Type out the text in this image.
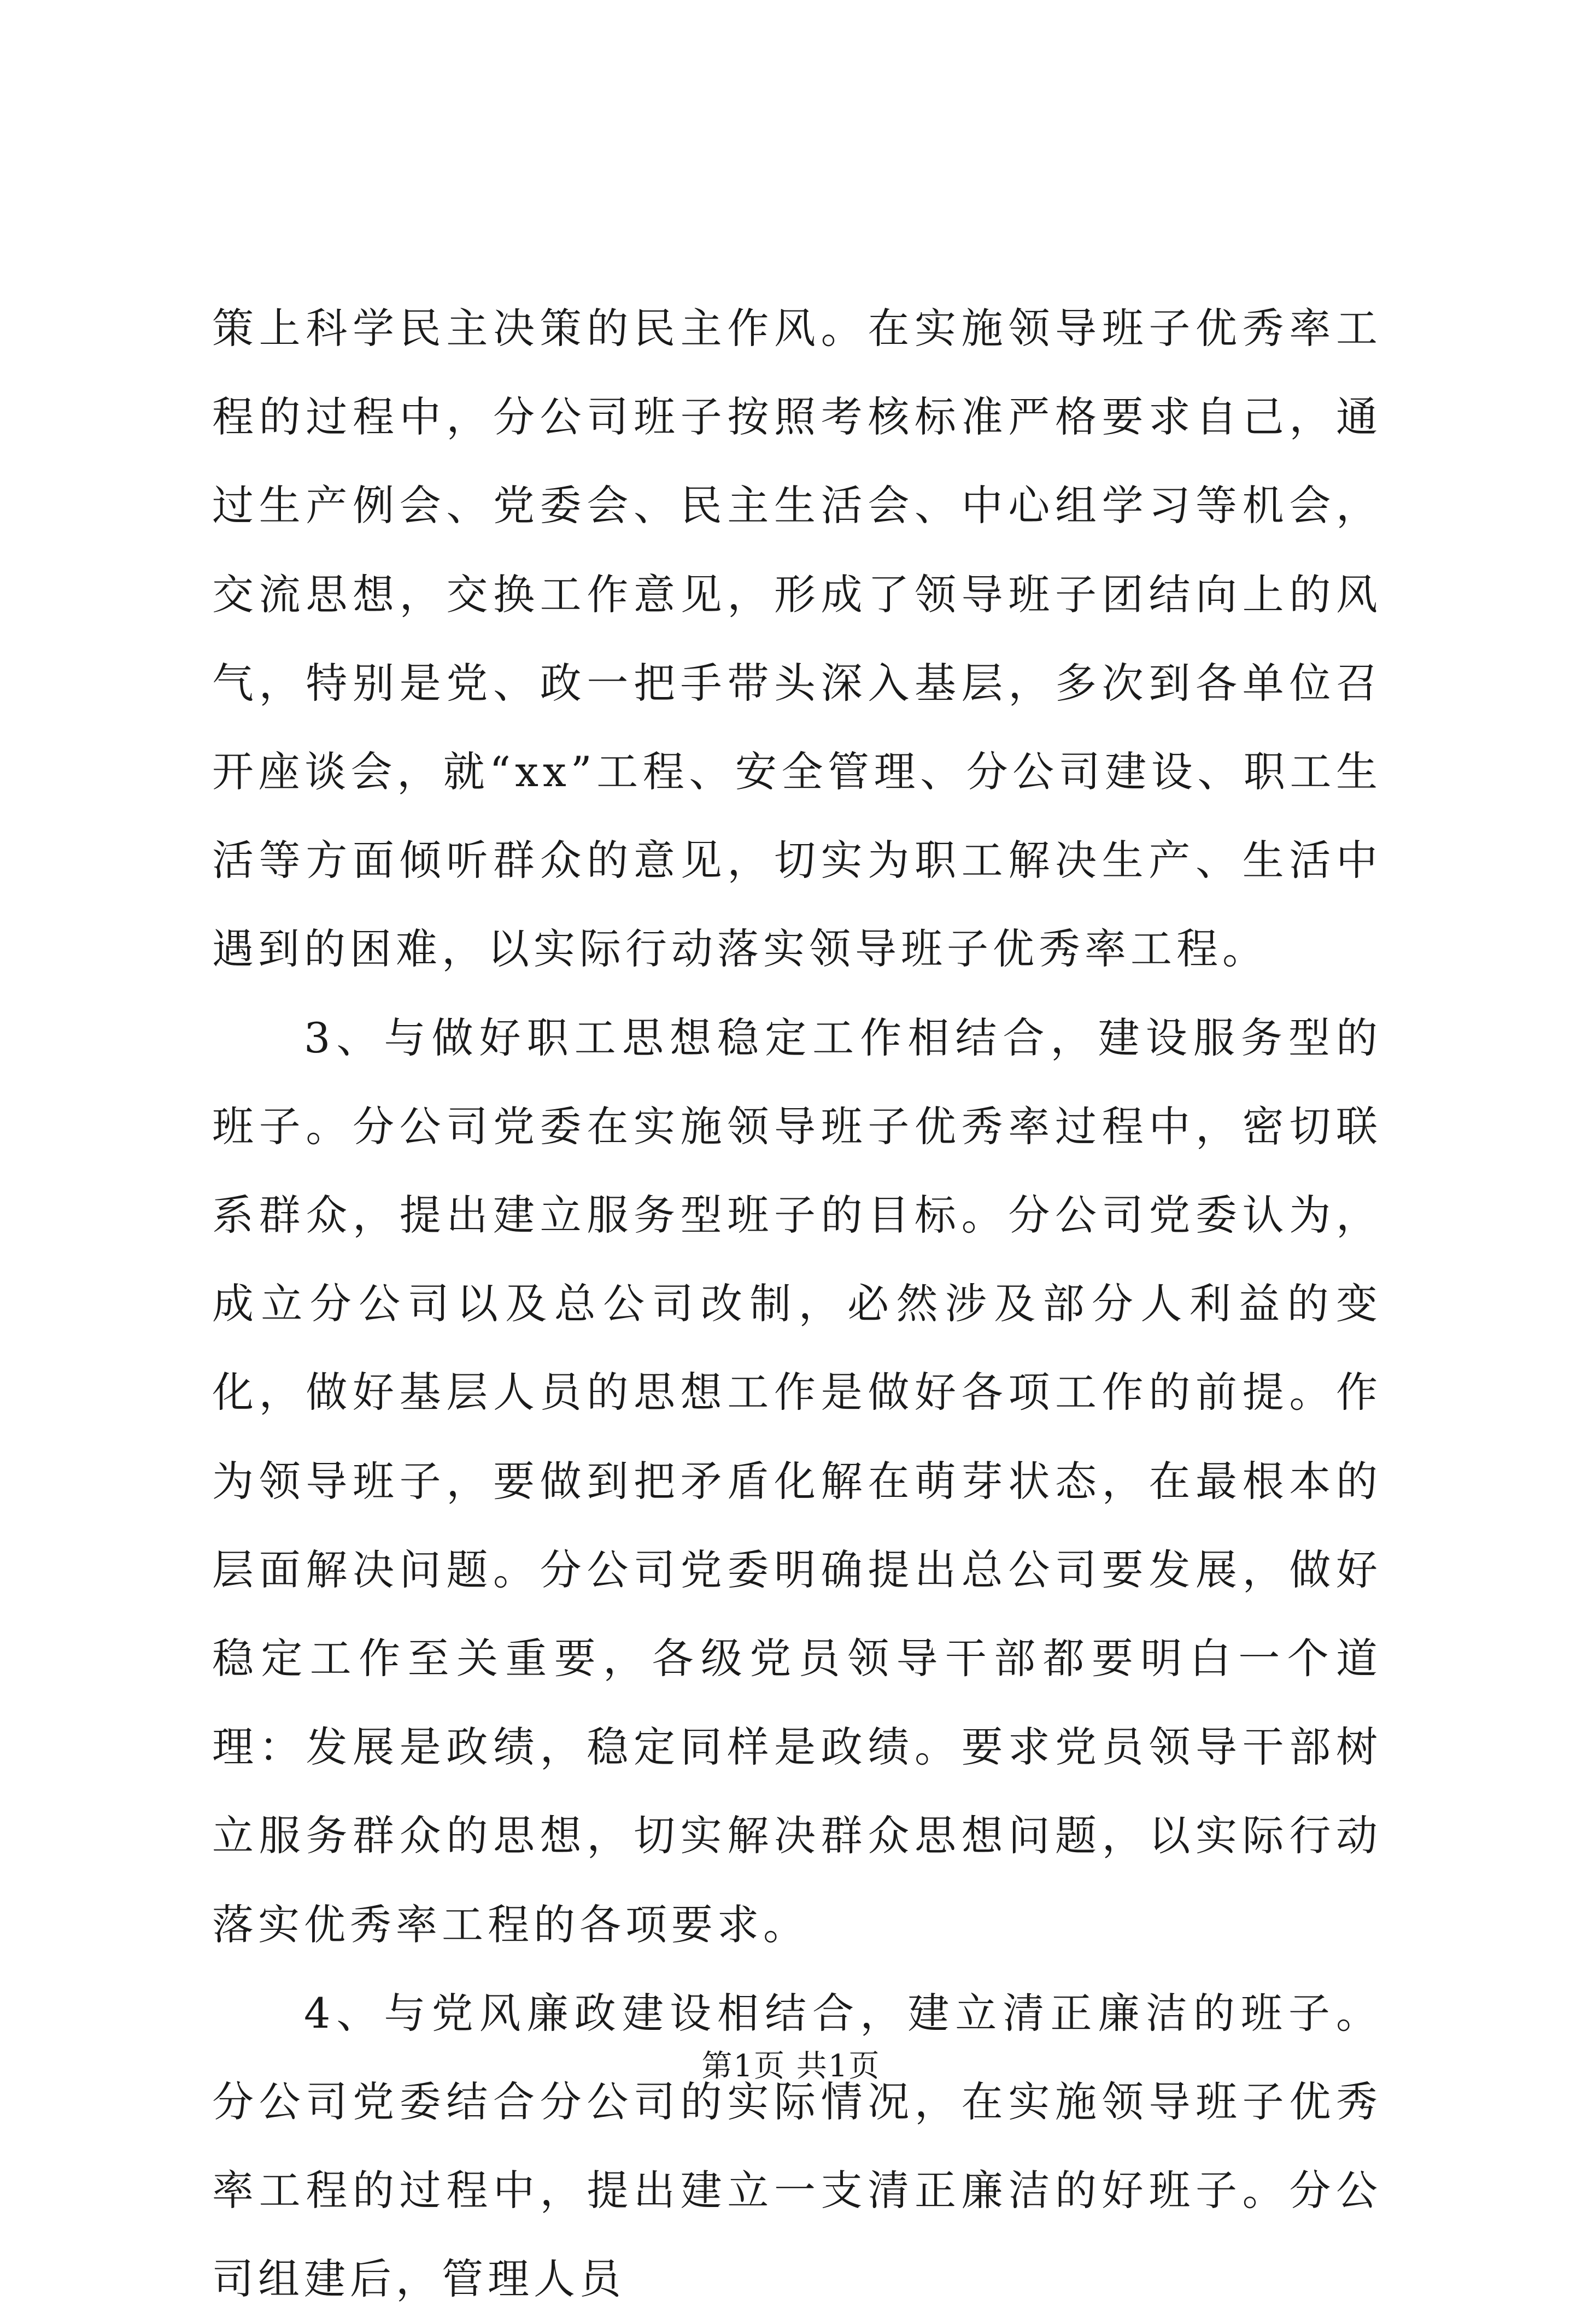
策上科学民主决策的民主作风。在实施领导班子优秀率工程的过程中，分公司班子按照考核标准严格要求自己，通过生产例会、党委会、民主生活会、中心组学习等机会，交流思想，交换工作意见，形成了领导班子团结向上的风气，特别是党、政一把手带头深入基层，多次到各单位召开座谈会，就“xx”工程、安全管理、分公司建设、职工生活等方面倾听群众的意见，切实为职工解决生产、生活中遇到的困难，以实际行动落实领导班子优秀率工程。

3、与做好职工思想稳定工作相结合，建设服务型的班子。分公司党委在实施领导班子优秀率过程中，密切联系群众，提出建立服务型班子的目标。分公司党委认为，成立分公司以及总公司改制，必然涉及部分人利益的变化，做好基层人员的思想工作是做好各项工作的前提。作为领导班子，要做到把矛盾化解在萌芽状态，在最根本的层面解决问题。分公司党委明确提出总公司要发展，做好稳定工作至关重要，各级党员领导干部都要明白一个道理：发展是政绩，稳定同样是政绩。要求党员领导干部树立服务群众的思想，切实解决群众思想问题，以实际行动落实优秀率工程的各项要求。

4、与党风廉政建设相结合，建立清正廉洁的班子。分公司党委结合分公司的实际情况，在实施领导班子优秀率工程的过程中，提出建立一支清正廉洁的好班子。分公司组建后，管理人员

第1页 共1页
